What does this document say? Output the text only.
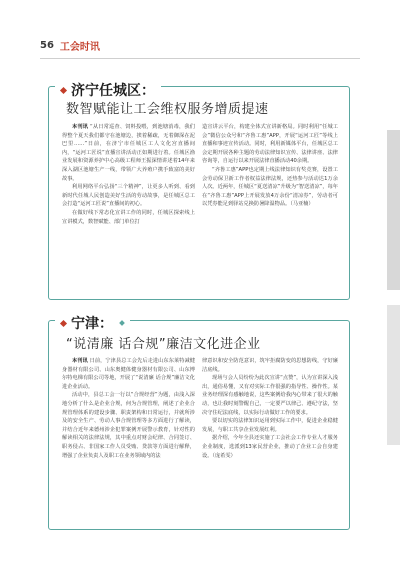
56 工会时讯
济宁任城区：
数智赋能让工会维权服务增质提速

本刊讯 “从日常巡查、饲料投喂，到池塘消毒，我们得整个夏天我们都守在池塘边，挨着稀疏，无着御深在泥巴里……”日前，在济宁市任城区工人文化宫直播间内，“运河工匠说”直播宣讲活动正如期进行着。任城区渔业发展和资源养护中心高级工程师王振深情讲述着14年来深入湖区池塘生产一线，带领广大养殖户携手致富的美好故事。

利用网络平台弘扬“三个精神”，让更多人听到、看到新时代任城人民创造美好生活的劳动故事，是任城区总工会打造“运河工匠说”直播间的初心。

在做好线下常态化宣讲工作的同时，任城区探索线上宣讲模式，数智赋能、部门单位打

造宣讲云平台，构建全体式宣讲新格局。同时利用“任城工会”微信公众号和“齐鲁工惠”APP，开展“运河工匠”等线上直播和事迹宣传活动。同时，利用新媒体平台，任城区总工会定期开展各种主题的劳动法律知识宣传、法律讲座、法律咨询等，自运行以来开展法律直播活动40余期。

“齐鲁工惠”APP也定期上线法律知识有奖竞赛，设置工会劳动保卫新工作者权益法律法规，还热参与活动达1万余人次。近两年，任城区“夏送清凉”升级为“智送清凉”，每年在“齐鲁工惠”APP上开展发放4万余份“清凉券”，劳动者可以凭券能足到驿站兑换防暑降温物品。（马亚楠）

宁津：
“说清廉 话合规”廉洁文化进企业

本刊讯 日前，宁津县总工会先后走进山东东莱特减健身器材有限公司、山东奥健体健身器材有限公司、山东博尔特电梯有限公司等地，开展了“说清廉 话合规”廉洁文化进企业活动。

活动中，县总工会一行以“合规经营”为题，由浅入深地分析了什么是企业合规，何为合规管理，阐述了企业合规管理体系的建设步骤、职责架构和日常运行，并就所涉及的安全生产、劳动人事合规管理等多方面进行了解读，并结合近年来德州涉企犯罪案例开展警示教育，针对性的解读相关的法律法规，其中重点对财会纪律、合同签订、职务侵占、非国家工作人员受贿、贷款等方面进行解释，增强了企业负责人及职工在业务领域内的法

律意识和安全防范意识，筑牢拒腐防变的思想防线，守好廉洁底线。

现场与会人员纷纷为此次宣讲“点赞”，认为宣讲深入浅出，通俗易懂，又有对实际工作很强的指导性、操作性。某业务经理深有感触地说，这些案例给我内心带来了很大的触动，也让我时刻警醒自己，一定要严以律己、遵纪守法，坚决守住纪法底线，以实际行动做好工作的要求。

要以切实的法律知识运用到实际工作中，促进企业稳健发展，与职工共享企业发展红利。

据介绍，今年全县还实施了工会社会工作专业人才服务企业制度，选派到13家民营企业，推动了企业工会自身建设。（庞希雯）
